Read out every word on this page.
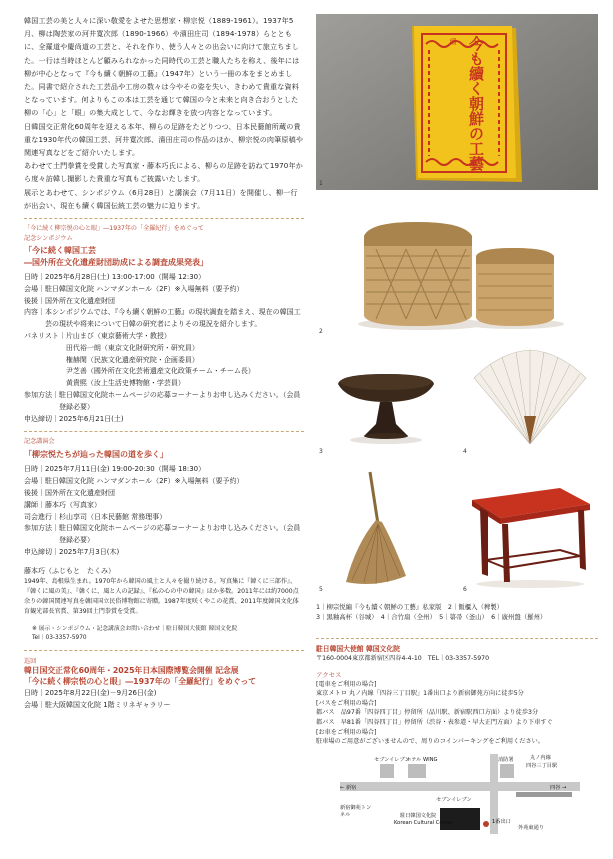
韓国工芸の美と人々に深い敬愛をよせた思想家・柳宗悦（1889-1961）。1937年5月、柳は陶芸家の河井寛次郎（1890-1966）や濱田庄司（1894-1978）らとともに、全羅道や慶尚道の工芸と、それを作り、使う人々との出会いに向けて旅立ちました。一行は当時ほとんど顧みられなかった同時代の工芸と職人たちを称え、後年には柳が中心となって『今も續く朝鮮の工藝』（1947年）という一冊の本をまとめました。同書で紹介された工芸品や工房の数々は今やその姿を失い、きわめて貴重な資料となっています。何よりもこの本は工芸を通じて韓国の今と未来と向き合おうとした柳の「心」と「眼」の集大成として、今なお輝きを放つ内容となっています。

日韓国交正常化60周年を迎える本年、柳らの足跡をたどりつつ、日本民藝館所蔵の貴重な1930年代の韓国工芸、河井寛次郎、濱田庄司の作品のほか、柳宗悦の肉筆原稿や関連写真などをご紹介いたします。

あわせて土門拳賞を受賞した写真家・藤本巧氏による、柳らの足跡を訪ねて1970年から度々訪韓し撮影した貴重な写真もご披露いたします。

展示とあわせて、シンポジウム（6月28日）と講演会（7月11日）を開催し、柳一行が出会い、現在も續く韓国伝統工芸の魅力に迫ります。

「今に続く柳宗悦の心と眼」―1937年の「全羅紀行」をめぐって
記念シンポジウム
「今に続く韓国工芸
―国外所在文化遺産財団助成による調査成果発表」
日時｜ 2025年6月28日(土) 13:00-17:00（開場 12:30）
会場｜ 駐日韓国文化院 ハンマダンホール（2F）※入場無料（要予約）
後援｜ 国外所在文化遺産財団
内容｜ 本シンポジウムでは、『今も續く朝鮮の工藝』の現状調査を踏まえ、現在の韓国工芸の現状や将来について日韓の研究者によりその現況を紹介します。
パネリスト｜ 片山まび（東京藝術大学・教授）
田代裕一朗（東京文化財研究所・研究員）
権赫閑（民族文化遺産研究院・企画委員）
尹芝善（國外所在文化芸術遺産文化政策チーム・チーム長）
黄貴熙（汝上生活史博物館・学芸員）
参加方法｜ 駐日韓国文化院ホームページの応募コーナーよりお申し込みください。（会員登録必要）
申込締切｜ 2025年6月21日(土)
記念講演会
「柳宗悦たちが辿った韓国の道を歩く」
日時｜ 2025年7月11日(金) 19:00-20:30（開場 18:30）
会場｜ 駐日韓国文化院 ハンマダンホール（2F）※入場無料（要予約）
後援｜ 国外所在文化遺産財団
講師｜ 藤本巧（写真家）
司会進行｜ 杉山享司（日本民藝館 常務理事）
参加方法｜ 駐日韓国文化院ホームページの応募コーナーよりお申し込みください。（会員登録必要）
申込締切｜ 2025年7月3日(木)
藤本巧（ふじもと　たくみ）
1949年、島根県生まれ。1970年から韓国の風土と人々を撮り続ける。写真集に『韓くに三部作』、『韓くに風の美』、『韓くに、風と人の記録』、『私の心の中の韓国』ほか多数。2011年には約7000点余りの韓国関連写真を韓国国立民俗博物館に寄贈。1987年度咲くやこの花賞、2011年度韓国文化体育観光部長官賞、第39回土門拳賞を受賞。
※ 展示・シンポジウム・記念講演会お問い合わせ｜駐日韓国大使館 韓国文化院
Tel｜03-3357-5970
巡回
韓日国交正常化60周年・2025年日本国際博覧会開催 記念展
「今に続く柳宗悦の心と眼」―1937年の「全羅紀行」をめぐって
日時｜ 2025年8月22日(金)－9月26日(金)
会場｜ 駐大阪韓国文化院 1階ミリネギャラリー
今も續く朝鮮の工藝
續
1
2
3	4
5	6
1｜柳宗悦編『今も續く朝鮮の工藝』私家版　2｜飯櫃入（稗製）
3｜黒釉高杯（谷城）　4｜合竹扇（全州）　5｜箒帚（釜山）　6｜廣州盤（羅州）
駐日韓国大使館 韓国文化院
〒160-0004東京都新宿区四谷4-4-10　TEL｜03-3357-5970
アクセス
[電車をご利用の場合]
東京メトロ 丸ノ内線「四谷三丁目駅」1番出口より新宿御苑方向に徒歩5分
[バスをご利用の場合]
都バス　品97番「四谷四丁目」停留所（品川駅、新宿駅西口方面）より徒歩3分
都バス　早81番「四谷四丁目」停留所（渋谷・表参道・早大正門方面）より下車すぐ
[お車をご利用の場合]
駐車場のご用意がございませんので、周りのコインパーキングをご利用ください。
セブンイレブン
ホテル WING	消防署	丸ノ内線
四谷三丁目駅
← 新宿	四谷 →
セブンイレブン
新宿御苑トンネル	駐日韓国文化院
Korean Cultural Center	1番出口
外苑東通り
